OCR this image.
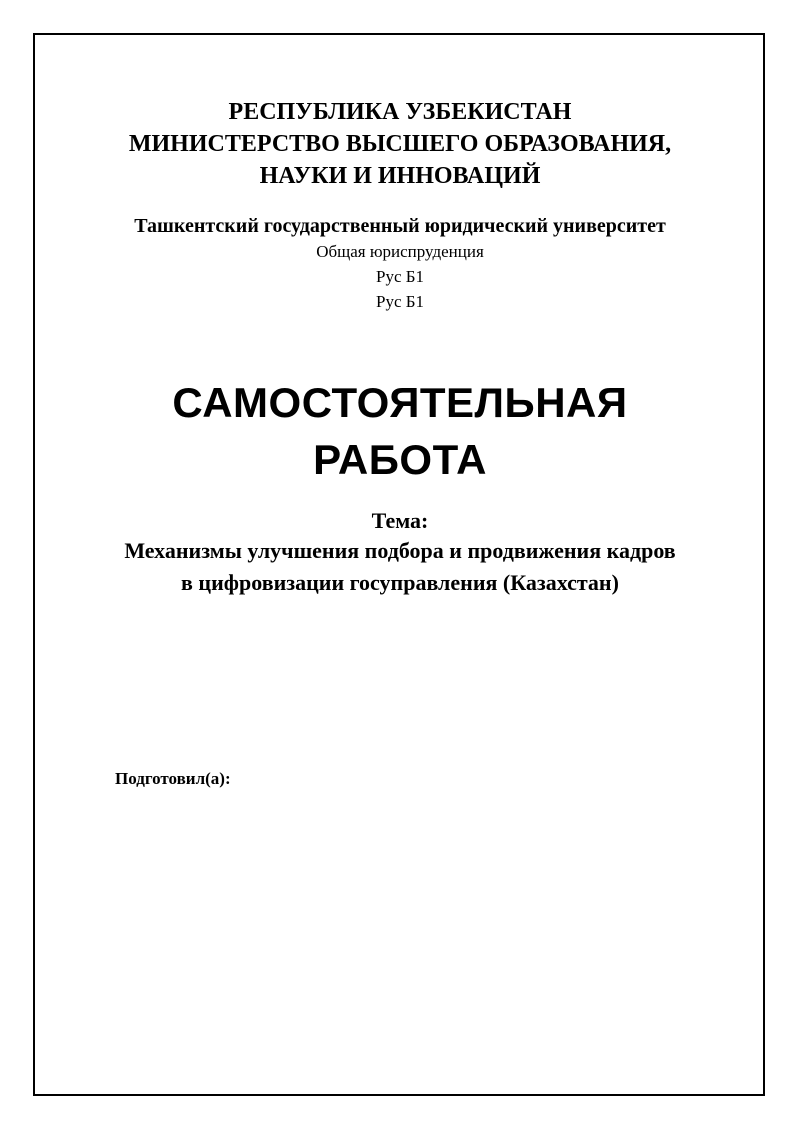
РЕСПУБЛИКА УЗБЕКИСТАН
МИНИСТЕРСТВО ВЫСШЕГО ОБРАЗОВАНИЯ,
НАУКИ И ИННОВАЦИЙ
Ташкентский государственный юридический университет
Общая юриспруденция
Рус Б1
Рус Б1
САМОСТОЯТЕЛЬНАЯ
РАБОТА
Тема:
Механизмы улучшения подбора и продвижения кадров
в цифровизации госуправления (Казахстан)
Подготовил(а):
